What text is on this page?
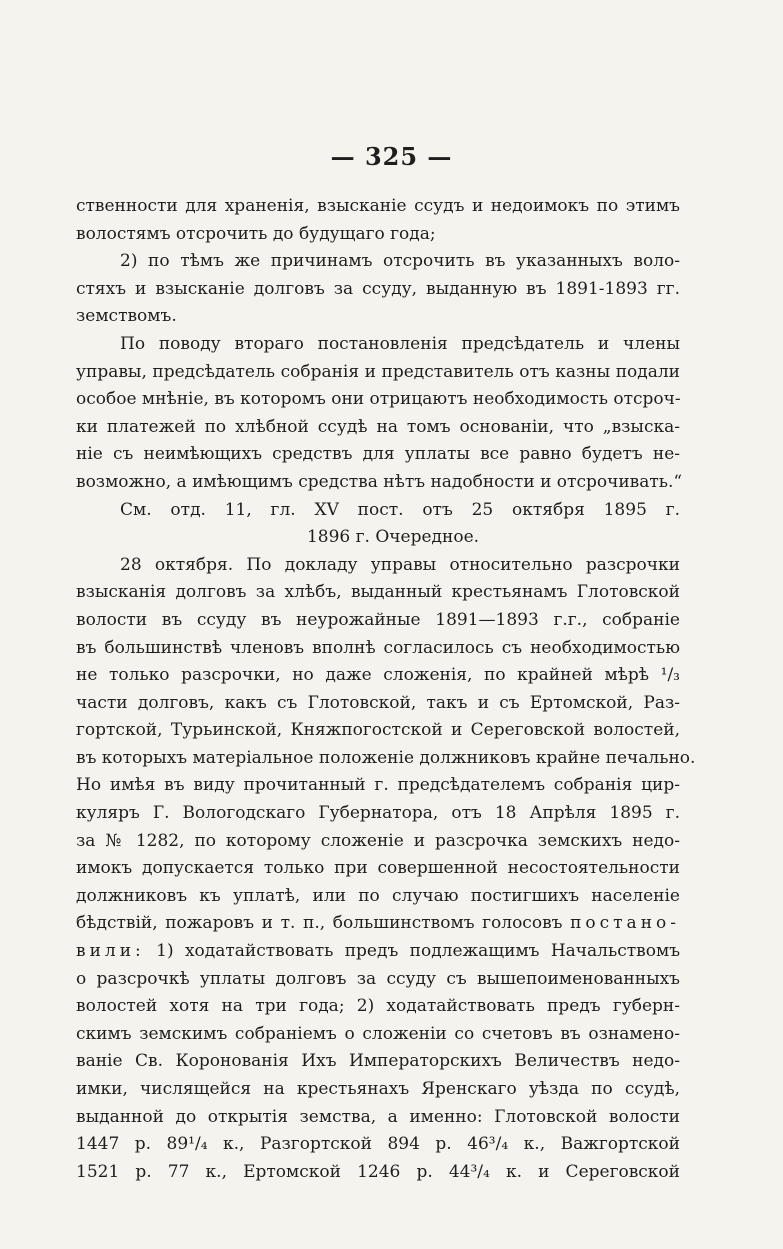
— 325 —
ственности для храненія, взысканіе ссудъ и недоимокъ по этимъ
волостямъ отсрочить до будущаго года;
2) по тѣмъ же причинамъ отсрочить въ указанныхъ воло-
стяхъ и взысканіе долговъ за ссуду, выданную въ 1891-1893 гг.
земствомъ.
По поводу втораго постановленія предсѣдатель и члены
управы, предсѣдатель собранія и представитель отъ казны подали
особое мнѣніе, въ которомъ они отрицаютъ необходимость отсроч-
ки платежей по хлѣбной ссудѣ на томъ основаніи, что „взыска-
ніе съ неимѣющихъ средствъ для уплаты все равно будетъ не-
возможно, а имѣющимъ средства нѣтъ надобности и отсрочивать.“
См. отд. 11, гл. XV пост. отъ 25 октября 1895 г.
1896 г. Очередное.
28 октября. По докладу управы относительно разсрочки
взысканія долговъ за хлѣбъ, выданный крестьянамъ Глотовской
волости въ ссуду въ неурожайные 1891—1893 г.г., собраніе
въ большинствѣ членовъ вполнѣ согласилось съ необходимостью
не только разсрочки, но даже сложенія, по крайней мѣрѣ ¹/₃
части долговъ, какъ съ Глотовской, такъ и съ Ертомской, Раз-
гортской, Турьинской, Княжпогостской и Сереговской волостей,
въ которыхъ матеріальное положеніе должниковъ крайне печально.
Но имѣя въ виду прочитанный г. предсѣдателемъ собранія цир-
куляръ Г. Вологодскаго Губернатора, отъ 18 Апрѣля 1895 г.
за № 1282, по которому сложеніе и разсрочка земскихъ недо-
имокъ допускается только при совершенной несостоятельности
должниковъ къ уплатѣ, или по случаю постигшихъ населеніе
бѣдствій, пожаровъ и т. п., большинствомъ голосовъ постано-
вили: 1) ходатайствовать предъ подлежащимъ Начальствомъ
о разсрочкѣ уплаты долговъ за ссуду съ вышепоименованныхъ
волостей хотя на три года; 2) ходатайствовать предъ губерн-
скимъ земскимъ собраніемъ о сложеніи со счетовъ въ ознамено-
ваніе Св. Коронованія Ихъ Императорскихъ Величествъ недо-
имки, числящейся на крестьянахъ Яренскаго уѣзда по ссудѣ,
выданной до открытія земства, а именно: Глотовской волости
1447 р. 89¹/₄ к., Разгортской 894 р. 46³/₄ к., Важгортской
1521 р. 77 к., Ертомской 1246 р. 44³/₄ к. и Сереговской
